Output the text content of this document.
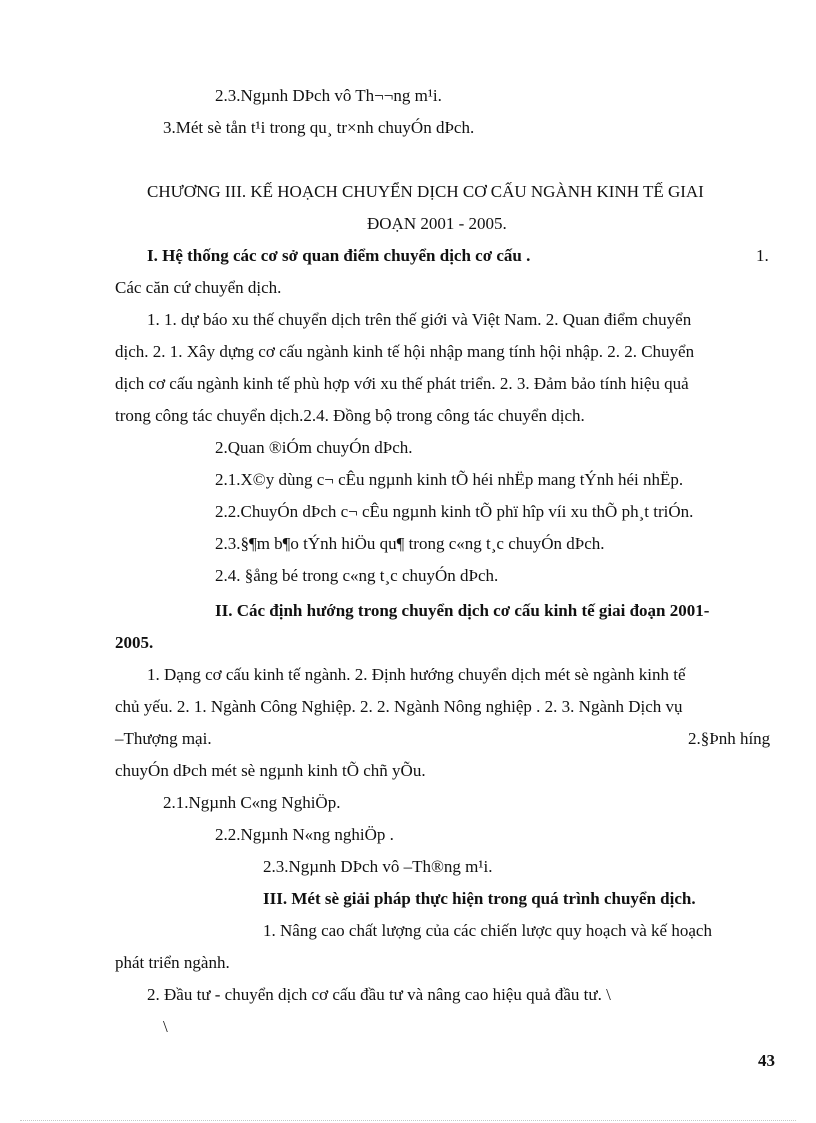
2.3.Ngµnh DÞch vô Th¬¬ng m¹i.
3.Mét sè tån t¹i trong qu¸ tr×nh chuyÓn dÞch.
CHƯƠNG III. KẾ HOẠCH CHUYỂN DỊCH CƠ CẤU NGÀNH KINH TẾ GIAI
ĐOẠN 2001 - 2005.
I. Hệ thống các cơ sở quan điểm chuyển dịch cơ cấu .	1.
Các căn cứ chuyển dịch.
1. 1. dự báo xu thế chuyển dịch trên thế giới và Việt Nam. 2. Quan điểm chuyển
dịch. 2. 1. Xây dựng cơ cấu ngành kinh tế hội nhập mang tính hội nhập. 2. 2. Chuyển
dịch cơ cấu ngành kinh tế phù hợp với xu thế phát triển. 2. 3. Đảm bảo tính hiệu quả
trong công tác chuyển dịch.2.4. Đồng bộ trong công tác chuyển dịch.
2.Quan ®iÓm chuyÓn dÞch.
2.1.X©y dùng c¬ cÊu ngµnh kinh tÕ héi nhËp mang tÝnh héi nhËp.
2.2.ChuyÓn dÞch c¬ cÊu ngµnh kinh tÕ phï hîp víi xu thÕ ph¸t triÓn.
2.3.§¶m b¶o tÝnh hiÖu qu¶ trong c«ng t¸c chuyÓn dÞch.
2.4. §ång bé trong c«ng t¸c chuyÓn dÞch.
II. Các định hướng trong chuyển dịch cơ cấu kinh tế giai đoạn 2001-
2005.
1. Dạng cơ cấu kinh tế ngành. 2. Định hướng chuyển dịch mét sè ngành kinh tế
chủ yếu. 2. 1. Ngành Công Nghiệp. 2. 2. Ngành Nông nghiệp . 2. 3. Ngành Dịch vụ
–Thượng mại.	2.§Þnh híng
chuyÓn dÞch mét sè ngµnh kinh tÕ chñ yÕu.
2.1.Ngµnh C«ng NghiÖp.
2.2.Ngµnh N«ng nghiÖp .
2.3.Ngµnh DÞch vô –Th®ng m¹i.
III. Mét sè giải pháp thực hiện trong quá trình chuyển dịch.
1. Nâng cao chất lượng của các chiến lược quy hoạch và kế hoạch
phát triển ngành.
2. Đầu tư - chuyển dịch cơ cấu đầu tư và nâng cao hiệu quả đầu tư. \
\
43
